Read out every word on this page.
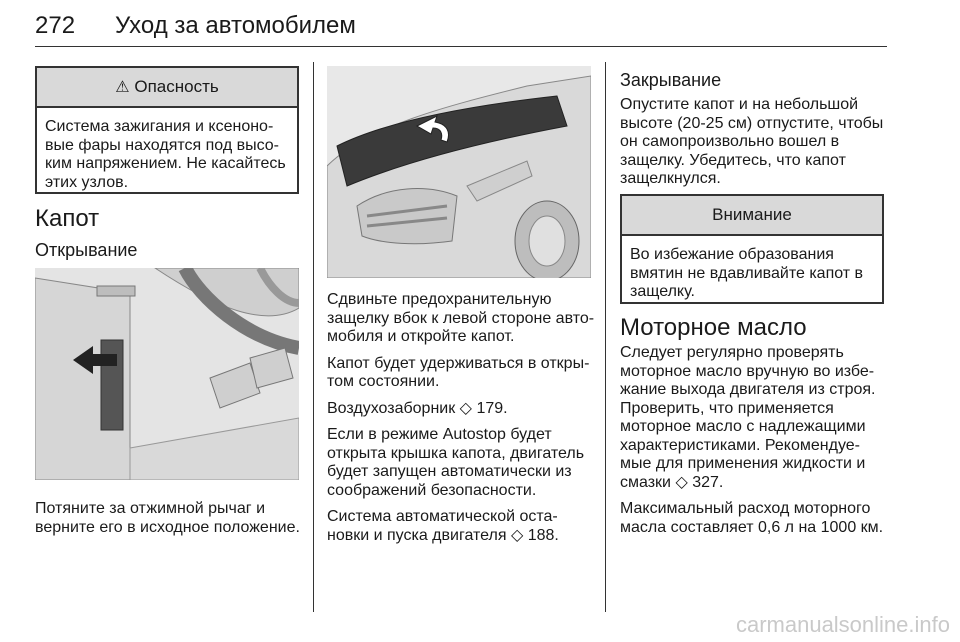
272 Уход за автомобилем
⚠ Опасность
Система зажигания и ксеноно-
вые фары находятся под высо-
ким напряжением. Не касайтесь
этих узлов.
Капот
Открывание

Потяните за отжимной рычаг и

верните его в исходное положение.

Сдвиньте предохранительную

защелку вбок к левой стороне авто-

мобиля и откройте капот.

Капот будет удерживаться в откры-

том состоянии.

Воздухозаборник ◇ 179.

Если в режиме Autostop будет

открыта крышка капота, двигатель

будет запущен автоматически из

соображений безопасности.

Система автоматической оста-

новки и пуска двигателя ◇ 188.

Закрывание

Опустите капот и на небольшой

высоте (20-25 см) отпустите, чтобы

он самопроизвольно вошел в

защелку. Убедитесь, что капот

защелкнулся.

Внимание
Во избежание образования
вмятин не вдавливайте капот в
защелку.
Моторное масло

Следует регулярно проверять

моторное масло вручную во избе-

жание выхода двигателя из строя.

Проверить, что применяется

моторное масло с надлежащими

характеристиками. Рекомендуе-

мые для применения жидкости и

смазки ◇ 327.

Максимальный расход моторного

масла составляет 0,6 л на 1000 км.

carmanualsonline.info
